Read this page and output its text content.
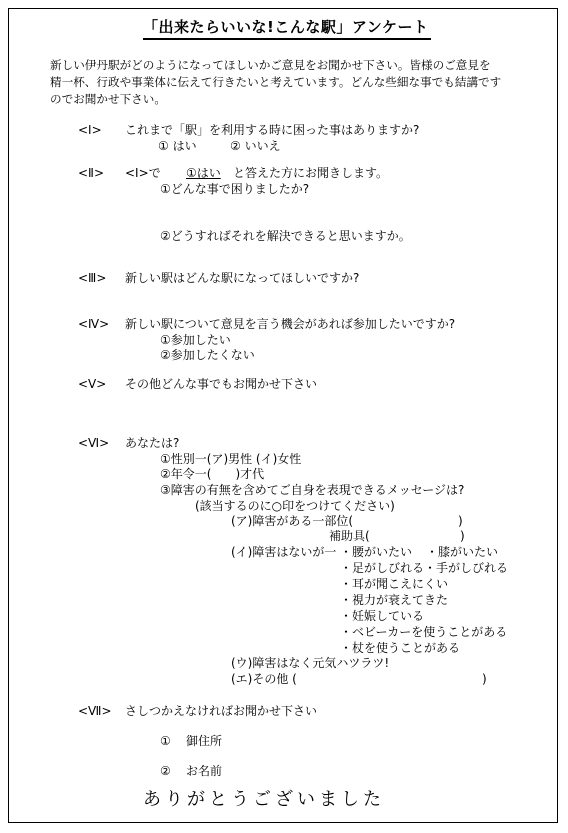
「出来たらいいな!こんな駅」アンケート
新しい伊丹駅がどのようになってほしいかご意見をお聞かせ下さい。皆様のご意見を
精一杯、行政や事業体に伝えて行きたいと考えています。どんな些細な事でも結講です
のでお聞かせ下さい。
<Ⅰ> これまで「駅」を利用する時に困った事はありますか?
① はい	② いいえ
<Ⅱ> <Ⅰ>で ①はい と答えた方にお聞きします。
①どんな事で困りましたか?
②どうすればそれを解決できると思いますか。
<Ⅲ> 新しい駅はどんな駅になってほしいですか?
<Ⅳ> 新しい駅について意見を言う機会があれば参加したいですか?
①参加したい
②参加したくない
<Ⅴ> その他どんな事でもお聞かせ下さい
<Ⅵ> あなたは?
①性別一(ア)男性 (イ)女性
②年令一(　　)才代
③障害の有無を含めてご自身を表現できるメッセージは?
(該当するのに○印をつけてください)
(ア)障害がある一部位(	)
補助具(	)
(イ)障害はないが一 ・腰がいたい ・膝がいたい
・足がしびれる・手がしびれる
・耳が聞こえにくい
・視力が衰えてきた
・妊娠している
・ベビーカーを使うことがある
・杖を使うことがある
(ウ)障害はなく元気ハツラツ!
(エ)その他 (	)
<Ⅶ> さしつかえなければお聞かせ下さい
① 御住所
② お名前
ありがとうございました
